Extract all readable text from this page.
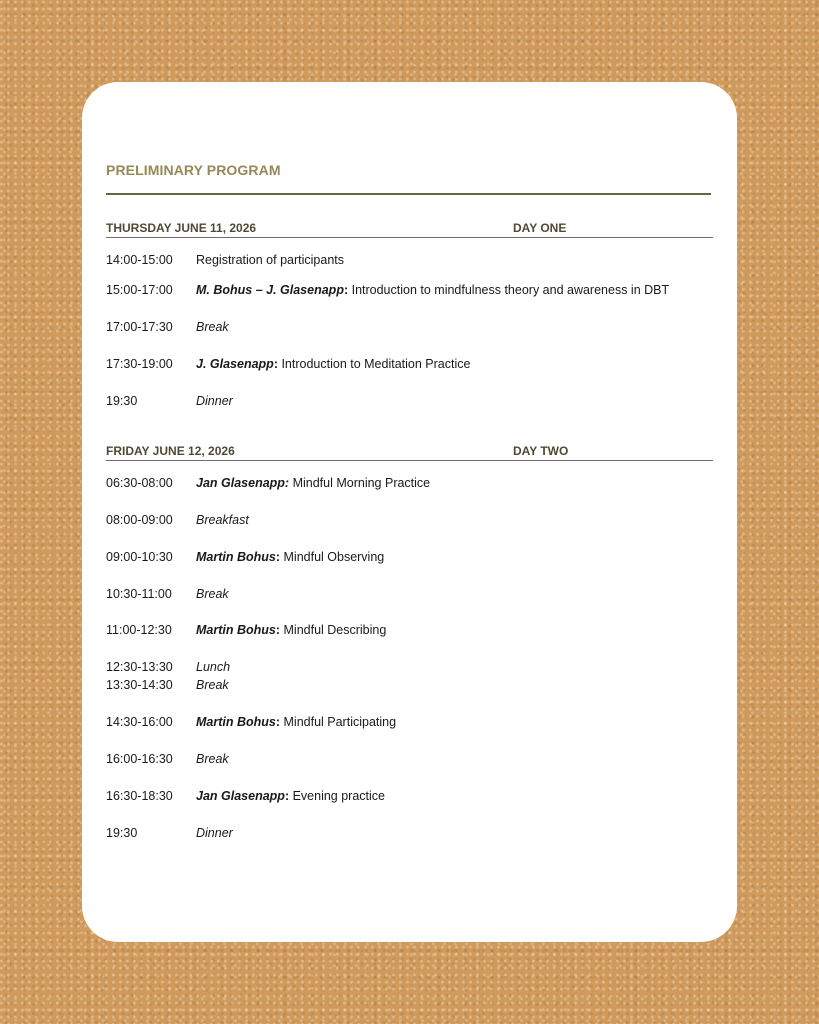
PRELIMINARY PROGRAM
THURSDAY JUNE 11, 2026	DAY ONE
14:00-15:00 Registration of participants
15:00-17:00 M. Bohus – J. Glasenapp: Introduction to mindfulness theory and awareness in DBT
17:00-17:30 Break
17:30-19:00 J. Glasenapp: Introduction to Meditation Practice
19:30	Dinner
FRIDAY JUNE 12, 2026	DAY TWO
06:30-08:00 Jan Glasenapp: Mindful Morning Practice
08:00-09:00 Breakfast
09:00-10:30 Martin Bohus: Mindful Observing
10:30-11:00 Break
11:00-12:30 Martin Bohus: Mindful Describing
12:30-13:30 Lunch
13:30-14:30 Break
14:30-16:00 Martin Bohus: Mindful Participating
16:00-16:30 Break
16:30-18:30 Jan Glasenapp: Evening practice
19:30	Dinner
